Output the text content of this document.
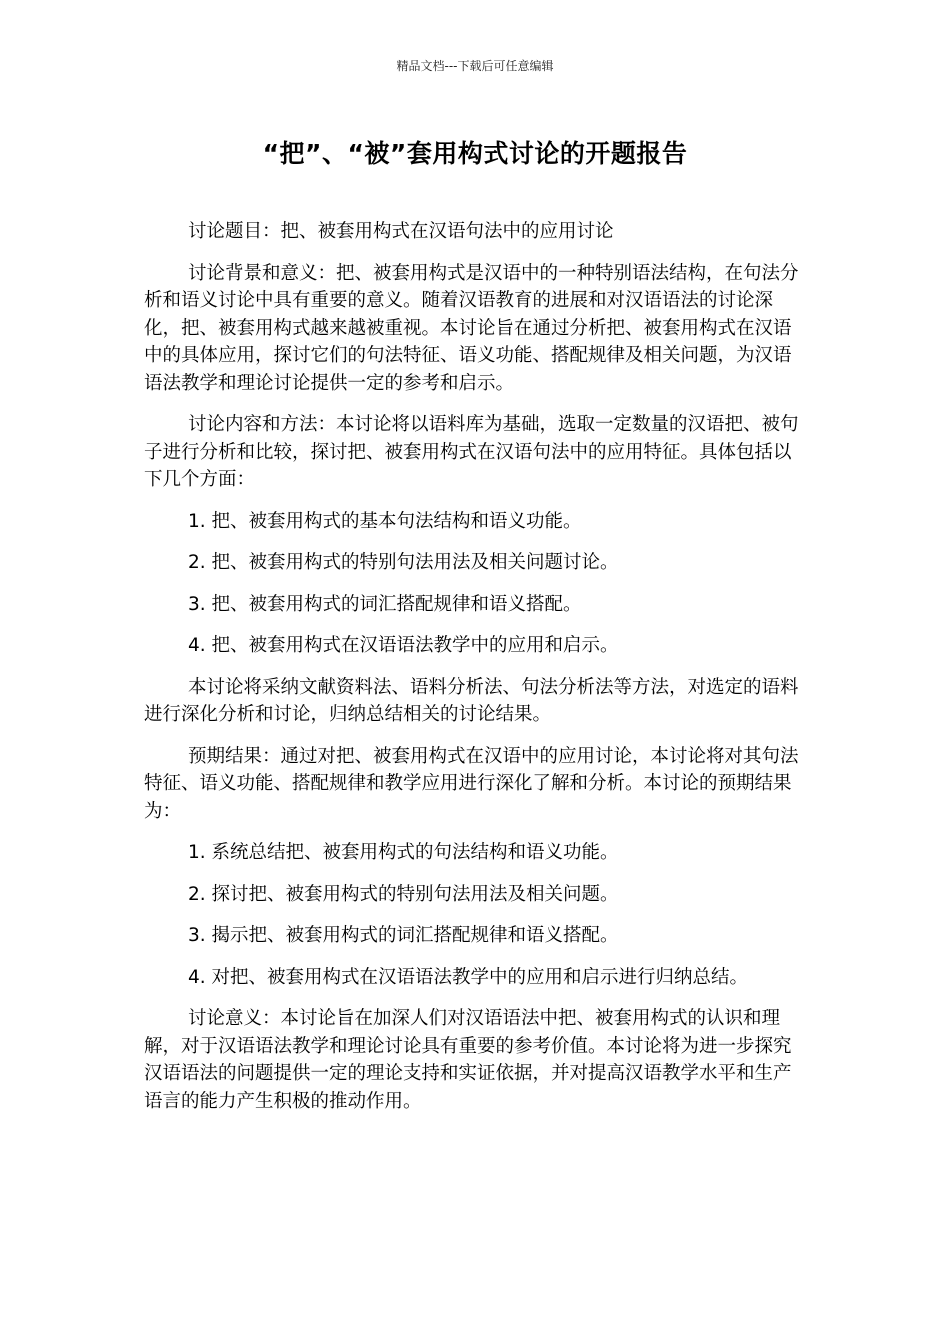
精品文档---下载后可任意编辑
“把”、“被”套用构式讨论的开题报告

讨论题目：把、被套用构式在汉语句法中的应用讨论

讨论背景和意义：把、被套用构式是汉语中的一种特别语法结构，在句法分析和语义讨论中具有重要的意义。随着汉语教育的进展和对汉语语法的讨论深化，把、被套用构式越来越被重视。本讨论旨在通过分析把、被套用构式在汉语中的具体应用，探讨它们的句法特征、语义功能、搭配规律及相关问题，为汉语语法教学和理论讨论提供一定的参考和启示。

讨论内容和方法：本讨论将以语料库为基础，选取一定数量的汉语把、被句子进行分析和比较，探讨把、被套用构式在汉语句法中的应用特征。具体包括以下几个方面：

1. 把、被套用构式的基本句法结构和语义功能。

2. 把、被套用构式的特别句法用法及相关问题讨论。

3. 把、被套用构式的词汇搭配规律和语义搭配。

4. 把、被套用构式在汉语语法教学中的应用和启示。

本讨论将采纳文献资料法、语料分析法、句法分析法等方法，对选定的语料进行深化分析和讨论，归纳总结相关的讨论结果。

预期结果：通过对把、被套用构式在汉语中的应用讨论，本讨论将对其句法特征、语义功能、搭配规律和教学应用进行深化了解和分析。本讨论的预期结果为：

1. 系统总结把、被套用构式的句法结构和语义功能。

2. 探讨把、被套用构式的特别句法用法及相关问题。

3. 揭示把、被套用构式的词汇搭配规律和语义搭配。

4. 对把、被套用构式在汉语语法教学中的应用和启示进行归纳总结。

讨论意义：本讨论旨在加深人们对汉语语法中把、被套用构式的认识和理解，对于汉语语法教学和理论讨论具有重要的参考价值。本讨论将为进一步探究汉语语法的问题提供一定的理论支持和实证依据，并对提高汉语教学水平和生产语言的能力产生积极的推动作用。
